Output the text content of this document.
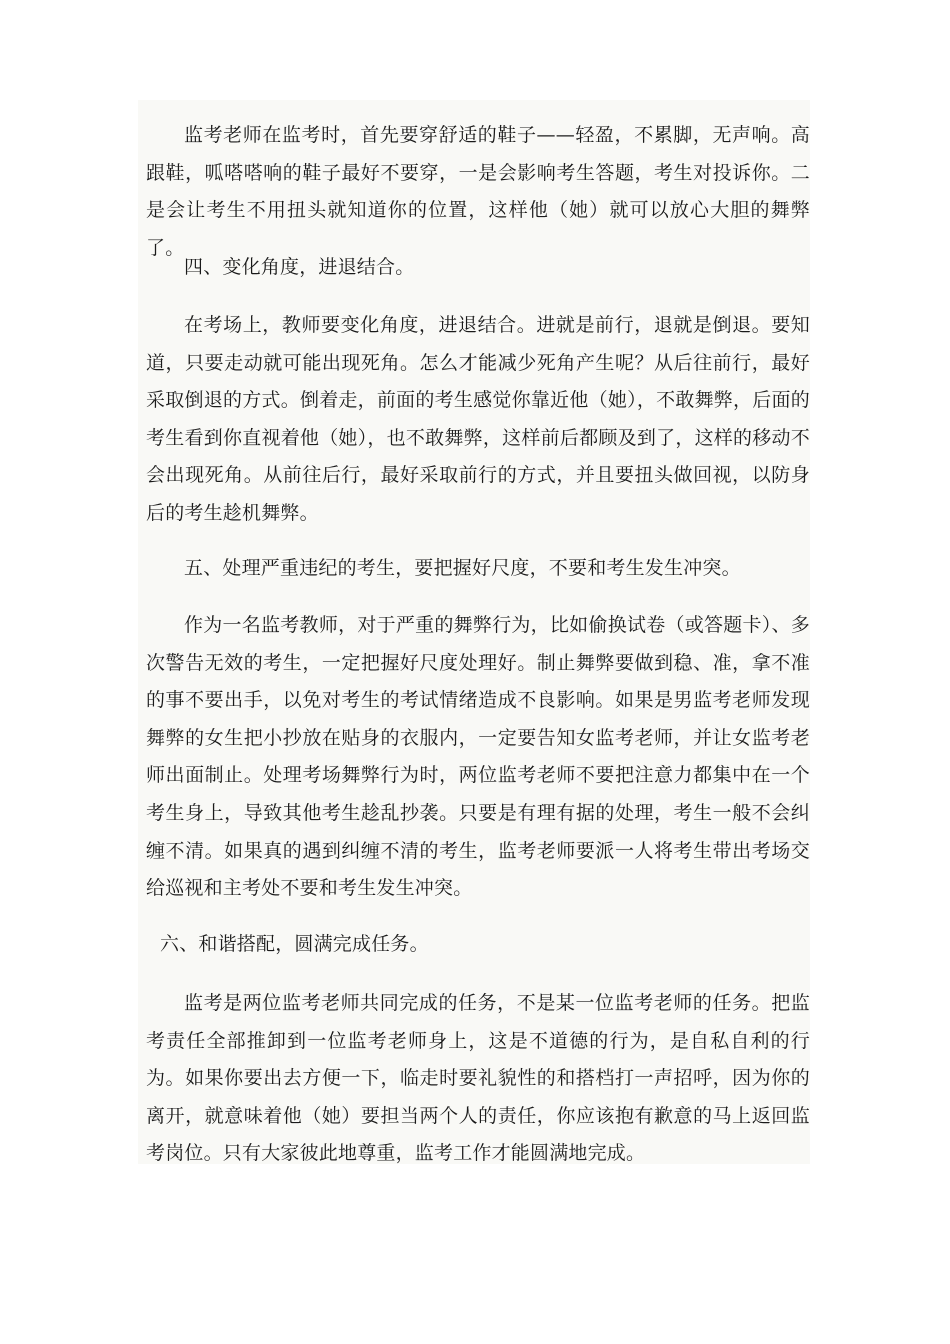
监考老师在监考时，首先要穿舒适的鞋子——轻盈，不累脚，无声响。高跟鞋，呱嗒嗒响的鞋子最好不要穿，一是会影响考生答题，考生对投诉你。二是会让考生不用扭头就知道你的位置，这样他（她）就可以放心大胆的舞弊了。

四、变化角度，进退结合。

在考场上，教师要变化角度，进退结合。进就是前行，退就是倒退。要知道，只要走动就可能出现死角。怎么才能减少死角产生呢？从后往前行，最好采取倒退的方式。倒着走，前面的考生感觉你靠近他（她），不敢舞弊，后面的考生看到你直视着他（她），也不敢舞弊，这样前后都顾及到了，这样的移动不会出现死角。从前往后行，最好采取前行的方式，并且要扭头做回视，以防身后的考生趁机舞弊。

五、处理严重违纪的考生，要把握好尺度，不要和考生发生冲突。

作为一名监考教师，对于严重的舞弊行为，比如偷换试卷（或答题卡）、多次警告无效的考生，一定把握好尺度处理好。制止舞弊要做到稳、准，拿不准的事不要出手，以免对考生的考试情绪造成不良影响。如果是男监考老师发现舞弊的女生把小抄放在贴身的衣服内，一定要告知女监考老师，并让女监考老师出面制止。处理考场舞弊行为时，两位监考老师不要把注意力都集中在一个考生身上，导致其他考生趁乱抄袭。只要是有理有据的处理，考生一般不会纠缠不清。如果真的遇到纠缠不清的考生，监考老师要派一人将考生带出考场交给巡视和主考处不要和考生发生冲突。

六、和谐搭配，圆满完成任务。

监考是两位监考老师共同完成的任务，不是某一位监考老师的任务。把监考责任全部推卸到一位监考老师身上，这是不道德的行为，是自私自利的行为。如果你要出去方便一下，临走时要礼貌性的和搭档打一声招呼，因为你的离开，就意味着他（她）要担当两个人的责任，你应该抱有歉意的马上返回监考岗位。只有大家彼此地尊重，监考工作才能圆满地完成。
